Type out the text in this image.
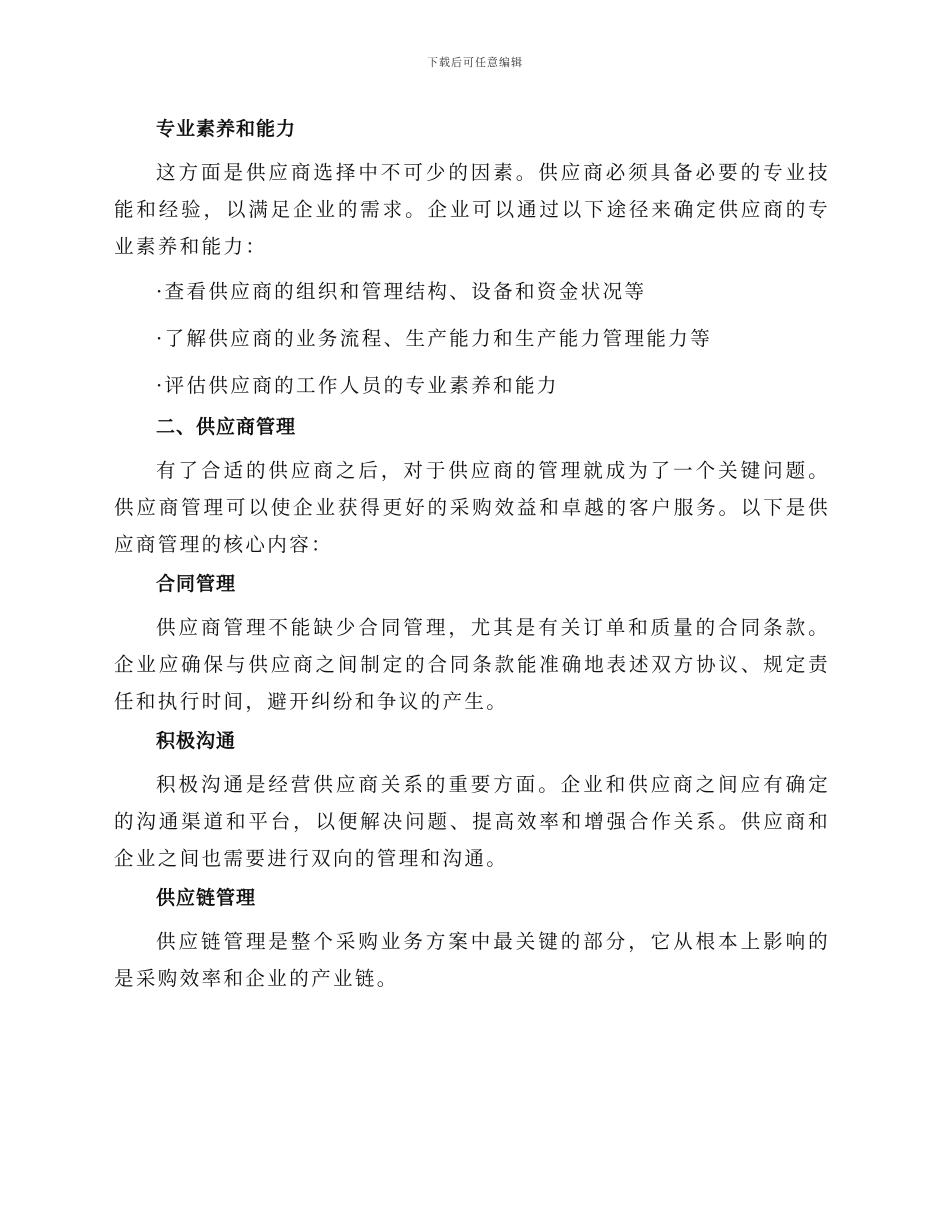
下载后可任意编辑
专业素养和能力

这方面是供应商选择中不可少的因素。供应商必须具备必要的专业技能和经验，以满足企业的需求。企业可以通过以下途径来确定供应商的专业素养和能力：

·查看供应商的组织和管理结构、设备和资金状况等
·了解供应商的业务流程、生产能力和生产能力管理能力等
·评估供应商的工作人员的专业素养和能力
二、供应商管理

有了合适的供应商之后，对于供应商的管理就成为了一个关键问题。供应商管理可以使企业获得更好的采购效益和卓越的客户服务。以下是供应商管理的核心内容：

合同管理

供应商管理不能缺少合同管理，尤其是有关订单和质量的合同条款。企业应确保与供应商之间制定的合同条款能准确地表述双方协议、规定责任和执行时间，避开纠纷和争议的产生。

积极沟通

积极沟通是经营供应商关系的重要方面。企业和供应商之间应有确定的沟通渠道和平台，以便解决问题、提高效率和增强合作关系。供应商和企业之间也需要进行双向的管理和沟通。

供应链管理

供应链管理是整个采购业务方案中最关键的部分，它从根本上影响的是采购效率和企业的产业链。
